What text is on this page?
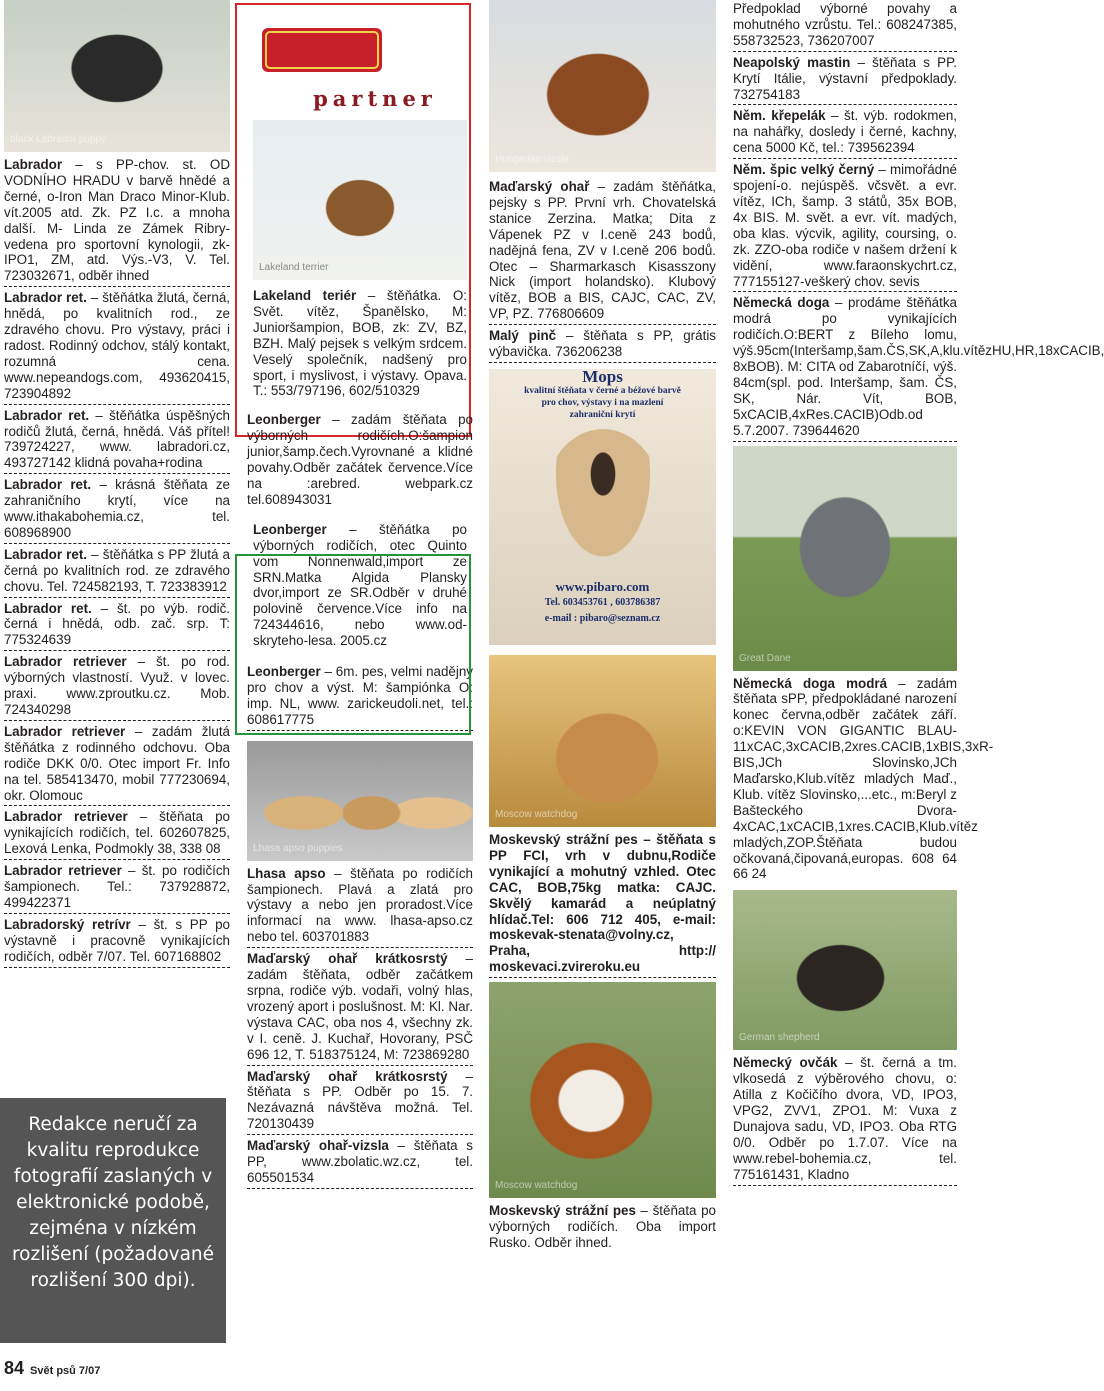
black Labrador puppy
Labrador – s PP-chov. st. OD VODNÍHO HRADU v barvě hnědé a černé, o-Iron Man Draco Minor-Klub. vít.2005 atd. Zk. PZ I.c. a mnoha další. M- Linda ze Zámek Ribry-vedena pro sportovní kynologii, zk-IPO1, ZM, atd. Výs.-V3, V. Tel. 723032671, odběr ihned
Labrador ret. – štěňátka žlutá, černá, hnědá, po kvalitních rod., ze zdravého chovu. Pro výstavy, práci i radost. Rodinný odchov, stálý kontakt, rozumná cena. www.nepeandogs.com, 493620415, 723904892
Labrador ret. – štěňátka úspěšných rodičů žlutá, černá, hnědá. Váš přítel! 739724227, www. labradori.cz, 493727142 klidná povaha+rodina
Labrador ret. – krásná štěňata ze zahraničního krytí, více na www.ithakabohemia.cz, tel. 608968900
Labrador ret. – štěňátka s PP žlutá a černá po kvalitních rod. ze zdravého chovu. Tel. 724582193, T. 723383912
Labrador ret. – št. po výb. rodič. černá i hnědá, odb. zač. srp. T: 775324639
Labrador retriever – št. po rod. výborných vlastností. Využ. v lovec. praxi. www.zproutku.cz. Mob. 724340298
Labrador retriever – zadám žlutá štěňátka z rodinného odchovu. Oba rodiče DKK 0/0. Otec import Fr. Info na tel. 585413470, mobil 777230694, okr. Olomouc
Labrador retriever – štěňata po vynikajících rodičích, tel. 602607825, Lexová Lenka, Podmokly 38, 338 08
Labrador retriever – št. po rodičích šampionech. Tel.: 737928872, 499422371
Labradorský retrívr – št. s PP po výstavně i pracovně vynikajících rodičích, odběr 7/07. Tel. 607168802
Redakce neručí za kvalitu reprodukce fotografií zaslaných v elektronické podobě, zejména v nízkém rozlišení (požadované rozlišení 300 dpi).
84 Svět psů 7/07
partner
Lakeland terrier
Lakeland teriér – štěňátka. O: Svět. vítěz, Španělsko, M: Junioršampion, BOB, zk: ZV, BZ, BZH. Malý pejsek s velkým srdcem. Veselý společník, nadšený pro sport, i myslivost, i výstavy. Opava. T.: 553/797196, 602/510329
Leonberger – zadám štěňata po výborných rodičích.O:šampion junior,šamp.čech.Vyrovnané a klidné povahy.Odběr začátek července.Více na :arebred. webpark.cz tel.608943031
Leonberger – štěňátka po výborných rodičích, otec Quinto vom Nonnenwald,import ze SRN.Matka Algida Plansky dvor,import ze SR.Odběr v druhé polovině července.Více info na 724344616, nebo www.od-skryteho-lesa. 2005.cz
Leonberger – 6m. pes, velmi nadějný pro chov a výst. M: šampiónka O: imp. NL, www. zarickeudoli.net, tel.: 608617775
Lhasa apso puppies
Lhasa apso – štěňata po rodičích šampionech. Plavá a zlatá pro výstavy a nebo jen proradost.Více informací na www. lhasa-apso.cz nebo tel. 603701883
Maďarský ohař krátkosrstý – zadám štěňata, odběr začátkem srpna, rodiče výb. vodaři, volný hlas, vrozený aport i poslušnost. M: Kl. Nar. výstava CAC, oba nos 4, všechny zk. v I. ceně. J. Kuchař, Hovorany, PSČ 696 12, T. 518375124, M: 723869280
Maďarský ohař krátkosrstý – štěňata s PP. Odběr po 15. 7. Nezávazná návštěva možná. Tel. 720130439
Maďarský ohař-vizsla – štěňata s PP, www.zbolatic.wz.cz, tel. 605501534
Hungarian vizsla
Maďarský ohař – zadám štěňátka, pejsky s PP. První vrh. Chovatelská stanice Zerzina. Matka; Dita z Vápenek PZ v I.ceně 243 bodů, nadějná fena, ZV v I.ceně 206 bodů. Otec – Sharmarkasch Kisasszony Nick (import holandsko). Klubový vítěz, BOB a BIS, CAJC, CAC, ZV, VP, PZ. 776806609
Malý pinč – štěňata s PP, grátis výbavička. 736206238
Mops
kvalitní štěňata v černé a béžové barvě
pro chov, výstavy i na mazlení
zahraniční krytí
www.pibaro.com
Tel. 603453761 , 603786387
e-mail : pibaro@seznam.cz
Moscow watchdog
Moskevský strážní pes – štěňata s PP FCI, vrh v dubnu,Rodiče vynikající a mohutný vzhled. Otec CAC, BOB,75kg matka: CAJC. Skvělý kamarád a neúplatný hlídač.Tel: 606 712 405, e-mail: moskevak-stenata@volny.cz, Praha, http:// moskevaci.zvireroku.eu
Moscow watchdog
Moskevský strážní pes – štěňata po výborných rodičích. Oba import Rusko. Odběr ihned.
Předpoklad výborné povahy a mohutného vzrůstu. Tel.: 608247385, 558732523, 736207007
Neapolský mastin – štěňata s PP. Krytí Itálie, výstavní předpoklady. 732754183
Něm. křepelák – št. výb. rodokmen, na nahářky, dosledy i černé, kachny, cena 5000 Kč, tel.: 739562394
Něm. špic velký černý – mimořádné spojení-o. nejúspěš. včsvět. a evr. vítěz, ICh, šamp. 3 států, 35x BOB, 4x BIS. M. svět. a evr. vít. madých, oba klas. výcvik, agility, coursing, o. zk. ZZO-oba rodiče v našem držení k vidění, www.faraonskychrt.cz, 777155127-veškerý chov. sevis
Německá doga – prodáme štěňátka modrá po vynikajících rodičích.O:BERT z Bíleho lomu, výš.95cm(Interšamp,šam.ČS,SK,A,klu.vítězHU,HR,18xCACIB, 8xBOB). M: CITA od Zabarotníčí, výš. 84cm(spl. pod. Interšamp, šam. ČS, SK, Nár. Vít, BOB, 5xCACIB,4xRes.CACIB)Odb.od 5.7.2007. 739644620
Great Dane
Německá doga modrá – zadám štěňata sPP, předpokládané narození konec června,odběr začátek září. o:KEVIN VON GIGANTIC BLAU-11xCAC,3xCACIB,2xres.CACIB,1xBIS,3xR-BIS,JCh Slovinsko,JCh Maďarsko,Klub.vítěz mladých Maď., Klub. vítěz Slovinsko,...etc., m:Beryl z Bašteckého Dvora-4xCAC,1xCACIB,1xres.CACIB,Klub.vítěz mladých,ZOP.Štěňata budou očkovaná,čipovaná,europas. 608 64 66 24
German shepherd
Německý ovčák – št. černá a tm. vlkosedá z výběrového chovu, o: Atilla z Kočičího dvora, VD, IPO3, VPG2, ZVV1, ZPO1. M: Vuxa z Dunajova sadu, VD, IPO3. Oba RTG 0/0. Odběr po 1.7.07. Více na www.rebel-bohemia.cz, tel. 775161431, Kladno
